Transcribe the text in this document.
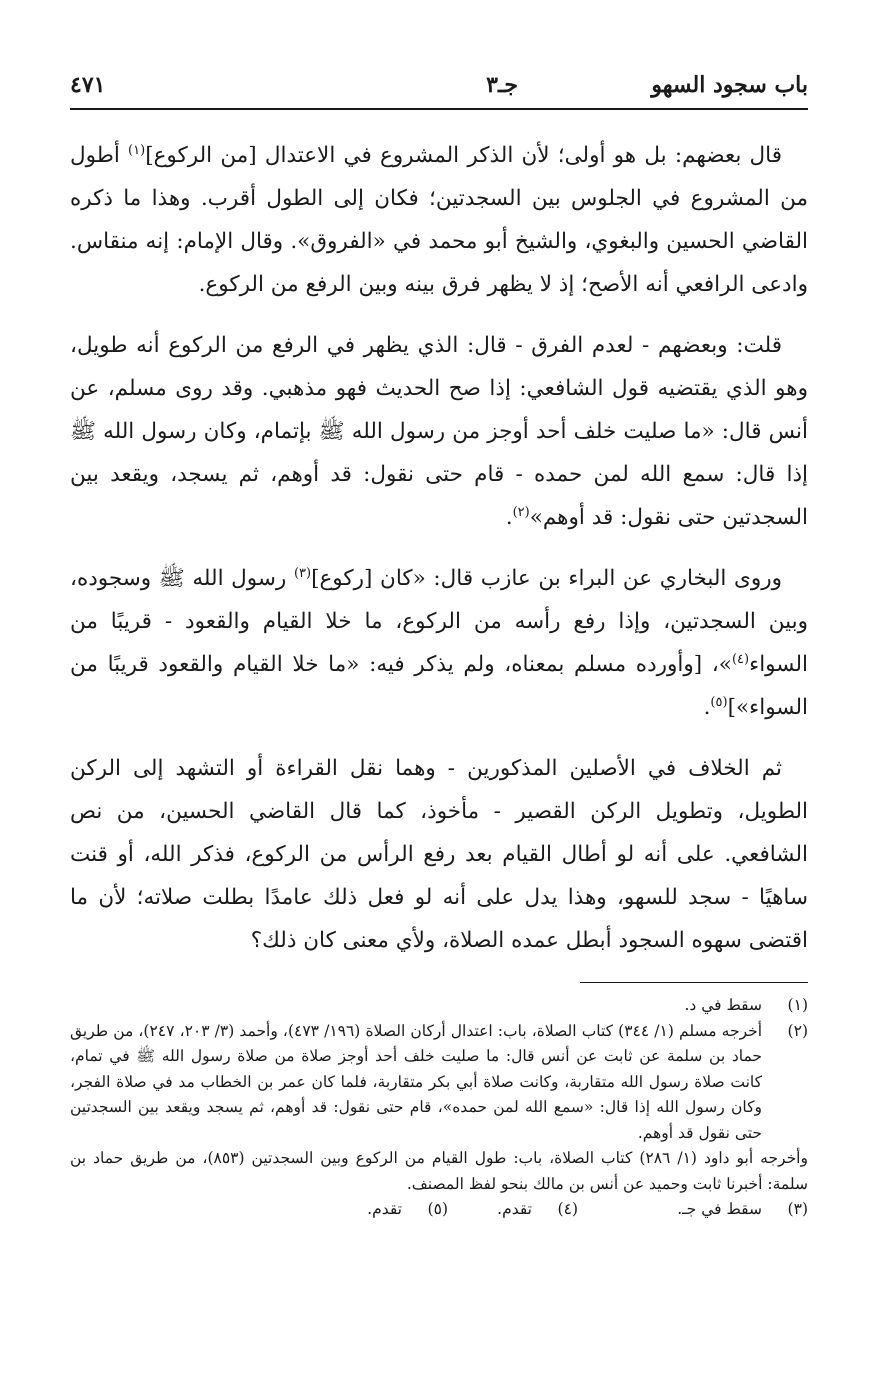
باب سجود السهو
جـ٣
٤٧١

قال بعضهم: بل هو أولى؛ لأن الذكر المشروع في الاعتدال [من الركوع]$^{(١)}$ أطول من المشروع في الجلوس بين السجدتين؛ فكان إلى الطول أقرب. وهذا ما ذكره القاضي الحسين والبغوي، والشيخ أبو محمد في «الفروق». وقال الإمام: إنه منقاس. وادعى الرافعي أنه الأصح؛ إذ لا يظهر فرق بينه وبين الرفع من الركوع.

قلت: وبعضهم - لعدم الفرق - قال: الذي يظهر في الرفع من الركوع أنه طويل، وهو الذي يقتضيه قول الشافعي: إذا صح الحديث فهو مذهبي. وقد روى مسلم، عن أنس قال: «ما صليت خلف أحد أوجز من رسول الله ﷺ بإتمام، وكان رسول الله ﷺ إذا قال: سمع الله لمن حمده - قام حتى نقول: قد أوهم، ثم يسجد، ويقعد بين السجدتين حتى نقول: قد أوهم»$^{(٢)}$.

وروى البخاري عن البراء بن عازب قال: «كان [ركوع]$^{(٣)}$ رسول الله ﷺ وسجوده، وبين السجدتين، وإذا رفع رأسه من الركوع، ما خلا القيام والقعود - قريبًا من السواء$^{(٤)}$»، [وأورده مسلم بمعناه، ولم يذكر فيه: «ما خلا القيام والقعود قريبًا من السواء»]$^{(٥)}$.

ثم الخلاف في الأصلين المذكورين - وهما نقل القراءة أو التشهد إلى الركن الطويل، وتطويل الركن القصير - مأخوذ، كما قال القاضي الحسين، من نص الشافعي. على أنه لو أطال القيام بعد رفع الرأس من الركوع، فذكر الله، أو قنت ساهيًا - سجد للسهو، وهذا يدل على أنه لو فعل ذلك عامدًا بطلت صلاته؛ لأن ما اقتضى سهوه السجود أبطل عمده الصلاة، ولأي معنى كان ذلك؟

(١)
سقط في د.
(٢)

أخرجه مسلم (١/ ٣٤٤) كتاب الصلاة، باب: اعتدال أركان الصلاة (١٩٦/ ٤٧٣)، وأحمد (٣/ ٢٠٣، ٢٤٧)، من طريق حماد بن سلمة عن ثابت عن أنس قال: ما صليت خلف أحد أوجز صلاة من صلاة رسول الله ﷺ في تمام، كانت صلاة رسول الله متقاربة، وكانت صلاة أبي بكر متقاربة، فلما كان عمر بن الخطاب مد في صلاة الفجر، وكان رسول الله إذا قال: «سمع الله لمن حمده»، قام حتى نقول: قد أوهم، ثم يسجد ويقعد بين السجدتين حتى نقول قد أوهم.

وأخرجه أبو داود (١/ ٢٨٦) كتاب الصلاة، باب: طول القيام من الركوع وبين السجدتين (٨٥٣)، من طريق حماد بن سلمة: أخبرنا ثابت وحميد عن أنس بن مالك بنحو لفظ المصنف.

(٣)
سقط في جـ.
(٤)
تقدم.
(٥)
تقدم.
